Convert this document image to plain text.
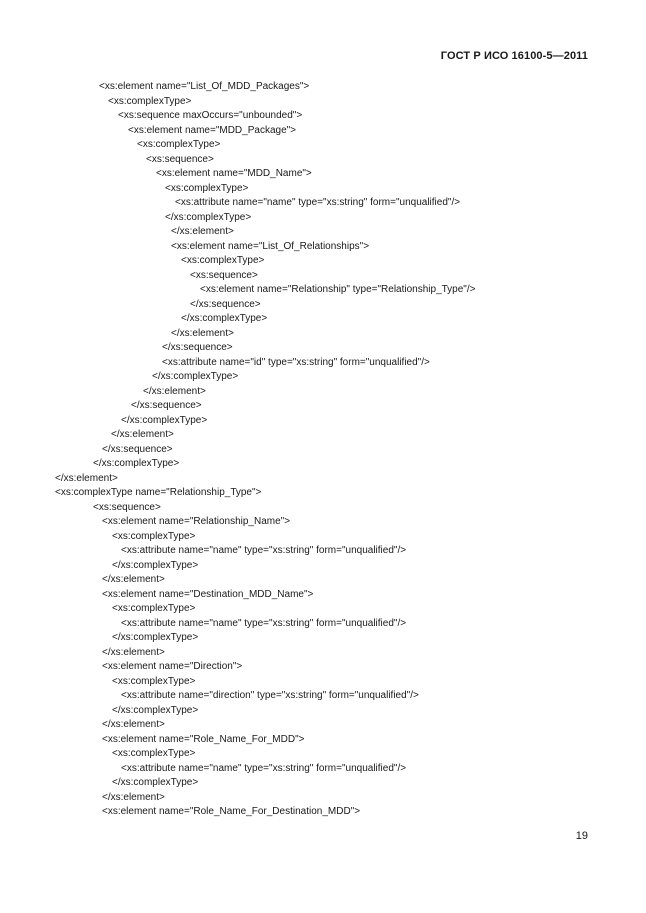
ГОСТ Р ИСО 16100-5—2011
<xs:element name="List_Of_MDD_Packages">
<xs:complexType>
<xs:sequence maxOccurs="unbounded">
<xs:element name="MDD_Package">
<xs:complexType>
<xs:sequence>
<xs:element name="MDD_Name">
<xs:complexType>
<xs:attribute name="name" type="xs:string" form="unqualified"/>
</xs:complexType>
</xs:element>
<xs:element name="List_Of_Relationships">
<xs:complexType>
<xs:sequence>
<xs:element name="Relationship" type="Relationship_Type"/>
</xs:sequence>
</xs:complexType>
</xs:element>
</xs:sequence>
<xs:attribute name="id" type="xs:string" form="unqualified"/>
</xs:complexType>
</xs:element>
</xs:sequence>
</xs:complexType>
</xs:element>
</xs:sequence>
</xs:complexType>
</xs:element>
<xs:complexType name="Relationship_Type">
<xs:sequence>
<xs:element name="Relationship_Name">
<xs:complexType>
<xs:attribute name="name" type="xs:string" form="unqualified"/>
</xs:complexType>
</xs:element>
<xs:element name="Destination_MDD_Name">
<xs:complexType>
<xs:attribute name="name" type="xs:string" form="unqualified"/>
</xs:complexType>
</xs:element>
<xs:element name="Direction">
<xs:complexType>
<xs:attribute name="direction" type="xs:string" form="unqualified"/>
</xs:complexType>
</xs:element>
<xs:element name="Role_Name_For_MDD">
<xs:complexType>
<xs:attribute name="name" type="xs:string" form="unqualified"/>
</xs:complexType>
</xs:element>
<xs:element name="Role_Name_For_Destination_MDD">
19
